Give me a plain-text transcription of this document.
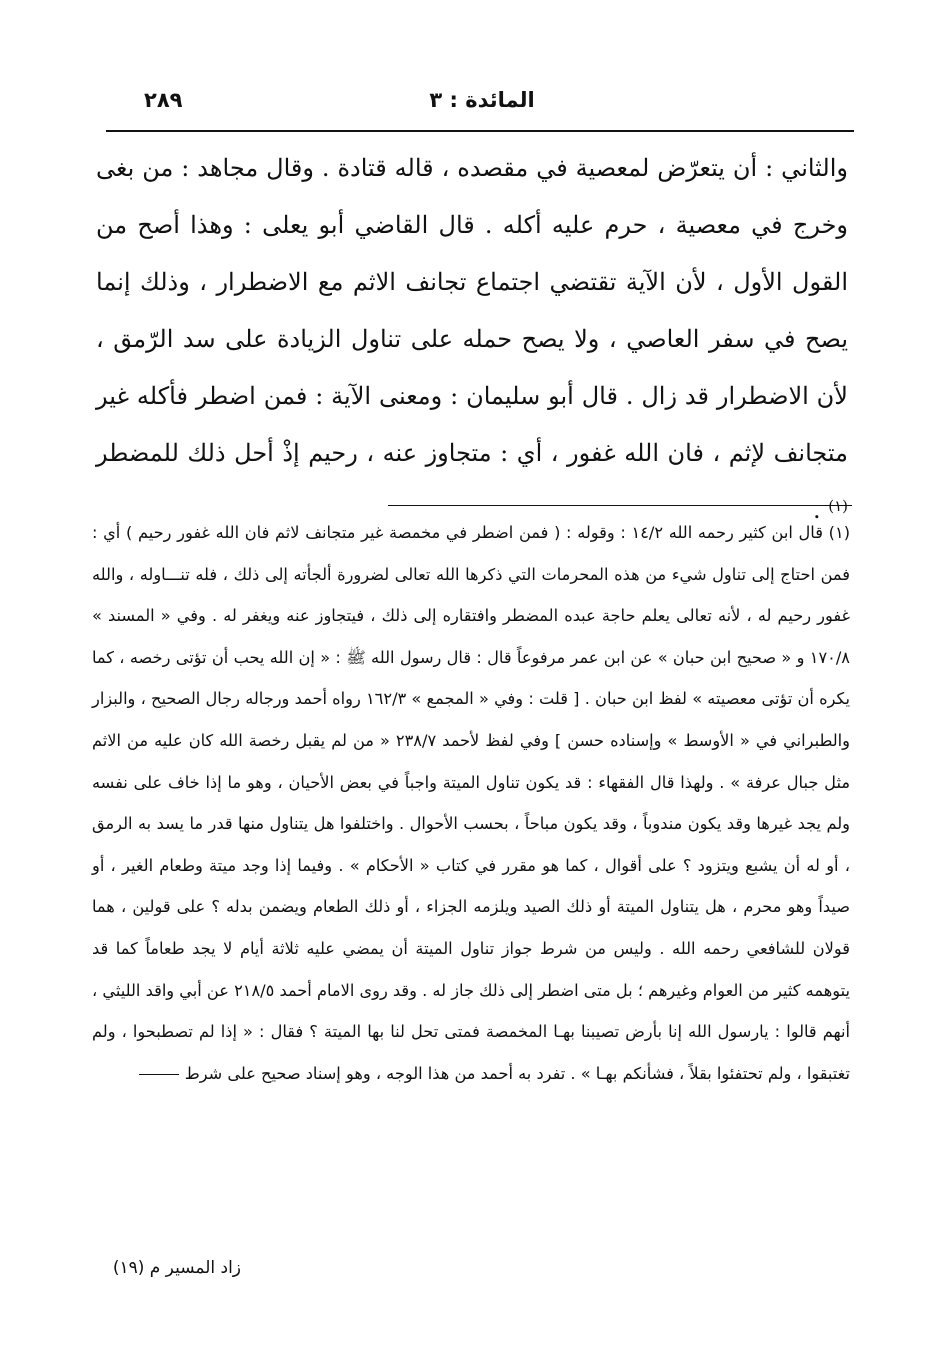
المائدة : ٣
٢٨٩

والثاني : أن يتعرّض لمعصية في مقصده ، قاله قتادة . وقال مجاهد : من بغى وخرج في معصية ، حرم عليه أكله . قال القاضي أبو يعلى : وهذا أصح من القول الأول ، لأن الآية تقتضي اجتماع تجانف الاثم مع الاضطرار ، وذلك إنما يصح في سفر العاصي ، ولا يصح حمله على تناول الزيادة على سد الرّمق ، لأن الاضطرار قد زال . قال أبو سليمان : ومعنى الآية : فمن اضطر فأكله غير متجانف لإثم ، فان الله غفور ، أي : متجاوز عنه ، رحيم إذْ أحل ذلك للمضطر $^{(١)}$ .

(١) قال ابن كثير رحمه الله ١٤/٢ : وقوله : ( فمن اضطر في مخمصة غير متجانف لاثم فان الله غفور رحيم ) أي : فمن احتاج إلى تناول شيء من هذه المحرمات التي ذكرها الله تعالى لضرورة ألجأته إلى ذلك ، فله تنـــاوله ، والله غفور رحيم له ، لأنه تعالى يعلم حاجة عبده المضطر وافتقاره إلى ذلك ، فيتجاوز عنه ويغفر له . وفي « المسند » ١٧٠/٨ و « صحيح ابن حبان » عن ابن عمر مرفوعاً قال : قال رسول الله ﷺ : « إن الله يحب أن تؤتى رخصه ، كما يكره أن تؤتى معصيته » لفظ ابن حبان . [ قلت : وفي « المجمع » ١٦٢/٣ رواه أحمد ورجاله رجال الصحيح ، والبزار والطبراني في « الأوسط » وإسناده حسن ] وفي لفظ لأحمد ٢٣٨/٧ « من لم يقبل رخصة الله كان عليه من الاثم مثل جبال عرفة » . ولهذا قال الفقهاء : قد يكون تناول الميتة واجباً في بعض الأحيان ، وهو ما إذا خاف على نفسه ولم يجد غيرها وقد يكون مندوباً ، وقد يكون مباحاً ، بحسب الأحوال . واختلفوا هل يتناول منها قدر ما يسد به الرمق ، أو له أن يشبع ويتزود ؟ على أقوال ، كما هو مقرر في كتاب « الأحكام » . وفيما إذا وجد ميتة وطعام الغير ، أو صيداً وهو محرم ، هل يتناول الميتة أو ذلك الصيد ويلزمه الجزاء ، أو ذلك الطعام ويضمن بدله ؟ على قولين ، هما قولان للشافعي رحمه الله . وليس من شرط جواز تناول الميتة أن يمضي عليه ثلاثة أيام لا يجد طعاماً كما قد يتوهمه كثير من العوام وغيرهم ؛ بل متى اضطر إلى ذلك جاز له . وقد روى الامام أحمد ٢١٨/٥ عن أبي واقد الليثي ، أنهم قالوا : يارسول الله إنا بأرض تصيبنا بهـا المخمصة فمتى تحل لنا بها الميتة ؟ فقال : « إذا لم تصطبحوا ، ولم تغتبقوا ، ولم تحتفئوا بقلاً ، فشأنكم بهـا » . تفرد به أحمد من هذا الوجه ، وهو إسناد صحيح على شرط

زاد المسير م (١٩)
